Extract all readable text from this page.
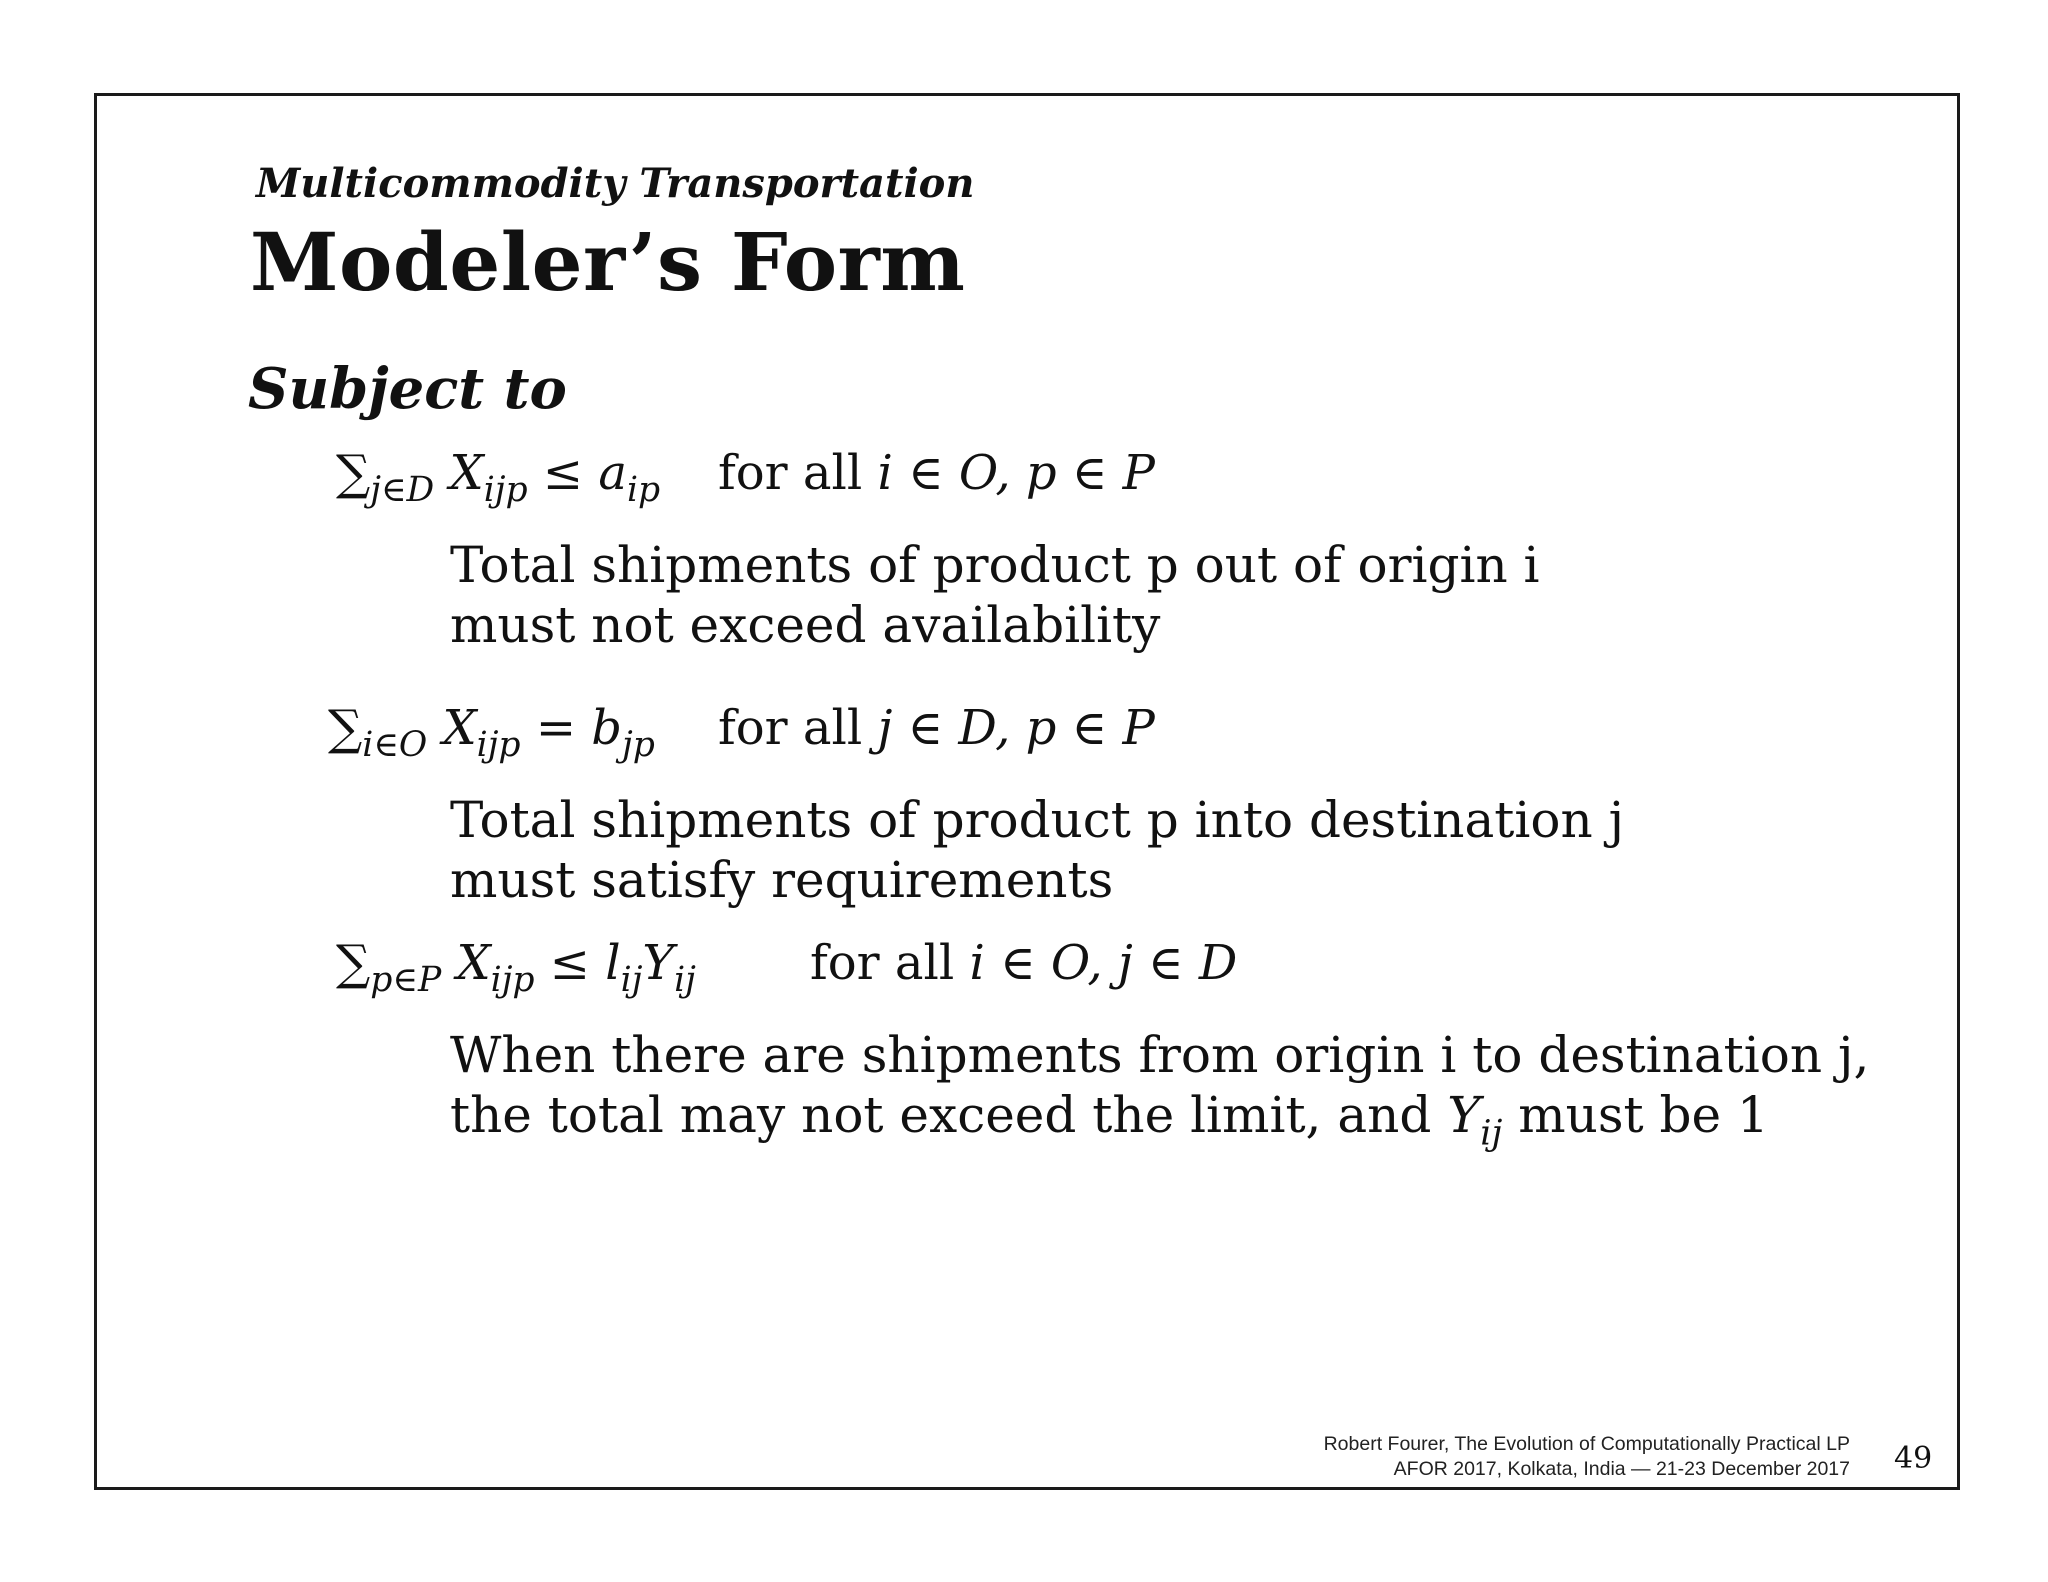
Multicommodity Transportation
Modeler’s Form
Subject to
$\sum_{j\in D}$ $X_{ijp} \le a_{ip}$ for all i ∈ O, p ∈ P
Total shipments of product p out of origin i
must not exceed availability
$\sum_{i\in O}$ $X_{ijp} = b_{jp}$ for all j ∈ D, p ∈ P
Total shipments of product p into destination j
must satisfy requirements
$\sum_{p\in P}$ $X_{ijp} \le l_{ij}Y_{ij}$ for all i ∈ O, j ∈ D
When there are shipments from origin i to destination j,
the total may not exceed the limit, and $Y_{ij}$ must be 1
Robert Fourer, The Evolution of Computationally Practical LP
AFOR 2017, Kolkata, India — 21-23 December 2017 49
